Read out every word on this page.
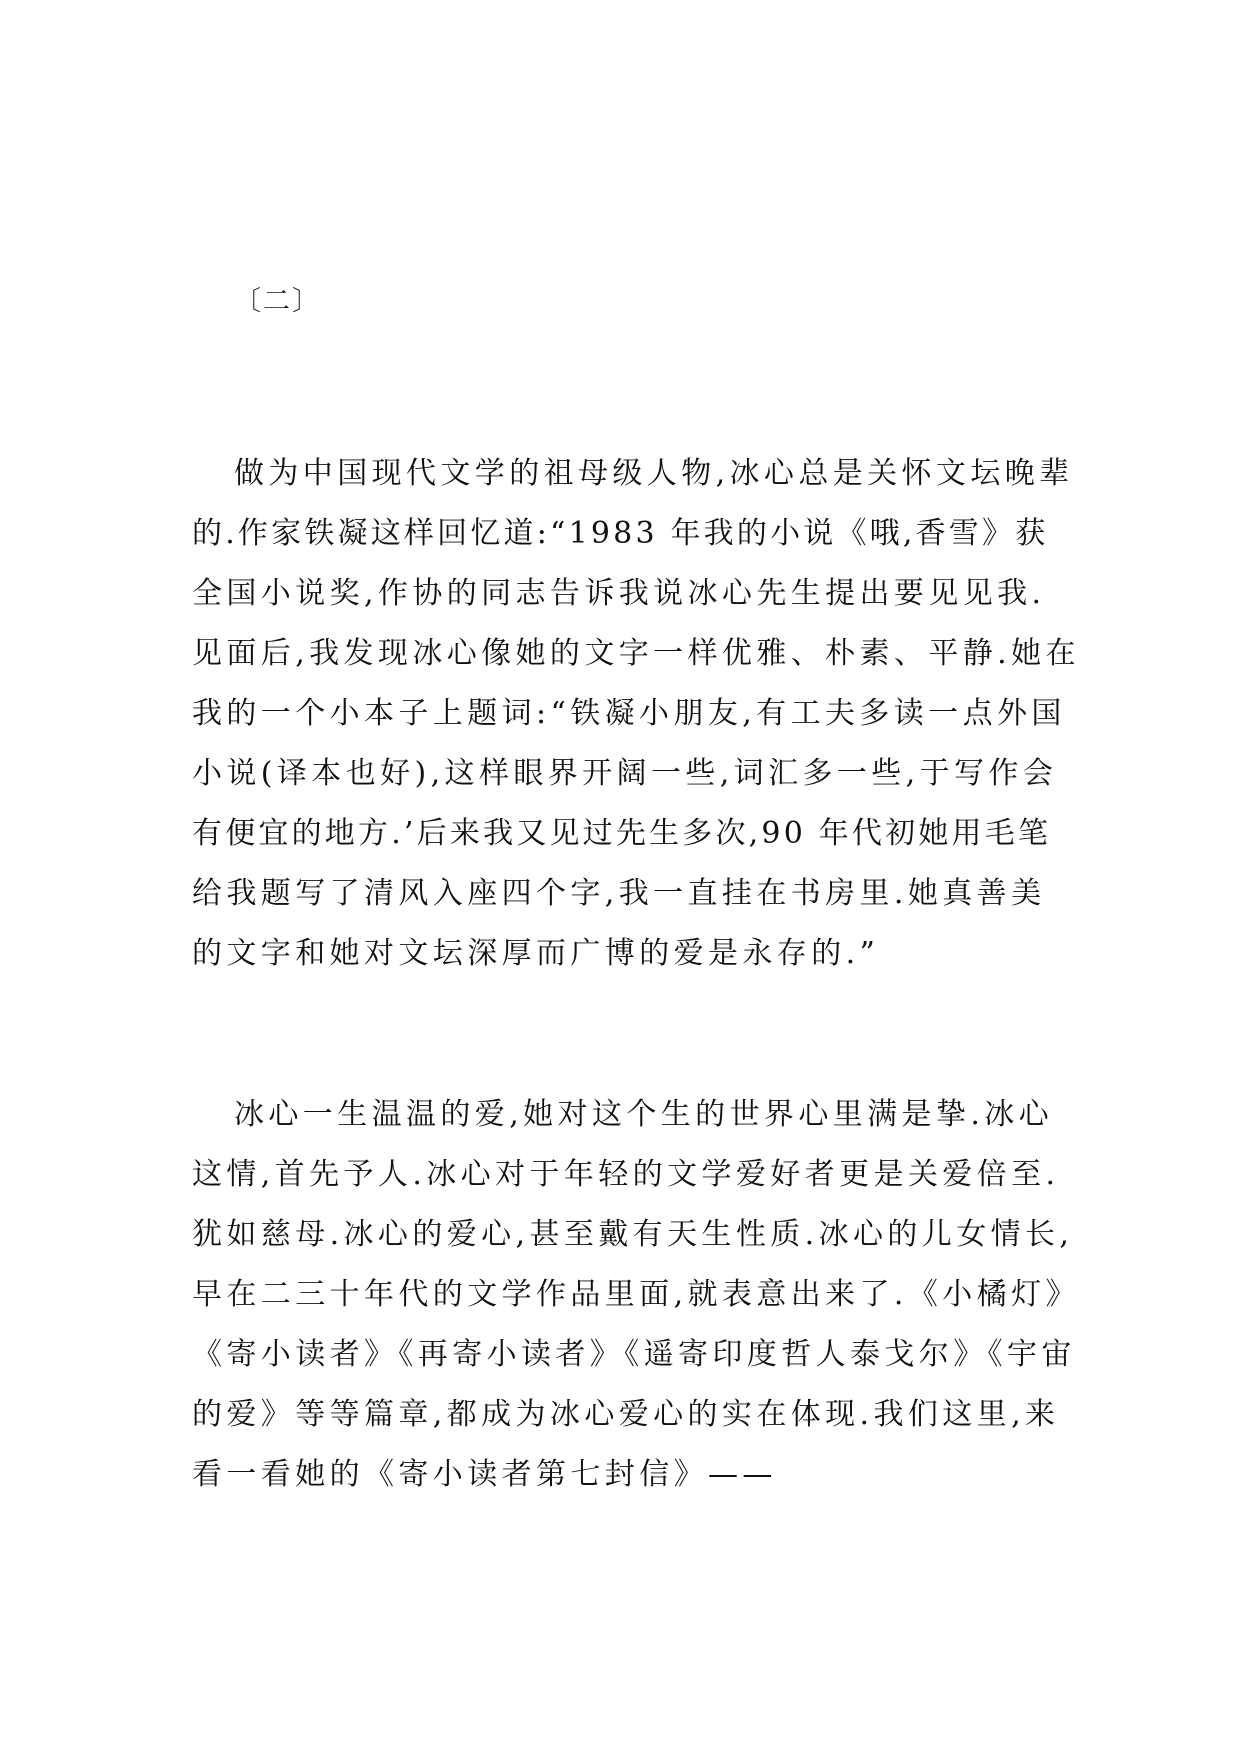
〔二〕
做为中国现代文学的祖母级人物,冰心总是关怀文坛晚辈
的.作家铁凝这样回忆道:“1983 年我的小说《哦,香雪》获
全国小说奖,作协的同志告诉我说冰心先生提出要见见我.
见面后,我发现冰心像她的文字一样优雅、朴素、平静.她在
我的一个小本子上题词:“铁凝小朋友,有工夫多读一点外国
小说(译本也好),这样眼界开阔一些,词汇多一些,于写作会
有便宜的地方.’后来我又见过先生多次,90 年代初她用毛笔
给我题写了清风入座四个字,我一直挂在书房里.她真善美
的文字和她对文坛深厚而广博的爱是永存的.”
冰心一生温温的爱,她对这个生的世界心里满是挚.冰心
这情,首先予人.冰心对于年轻的文学爱好者更是关爱倍至.
犹如慈母.冰心的爱心,甚至戴有天生性质.冰心的儿女情长,
早在二三十年代的文学作品里面,就表意出来了.《小橘灯》
《寄小读者》《再寄小读者》《遥寄印度哲人泰戈尔》《宇宙
的爱》等等篇章,都成为冰心爱心的实在体现.我们这里,来
看一看她的《寄小读者第七封信》——
